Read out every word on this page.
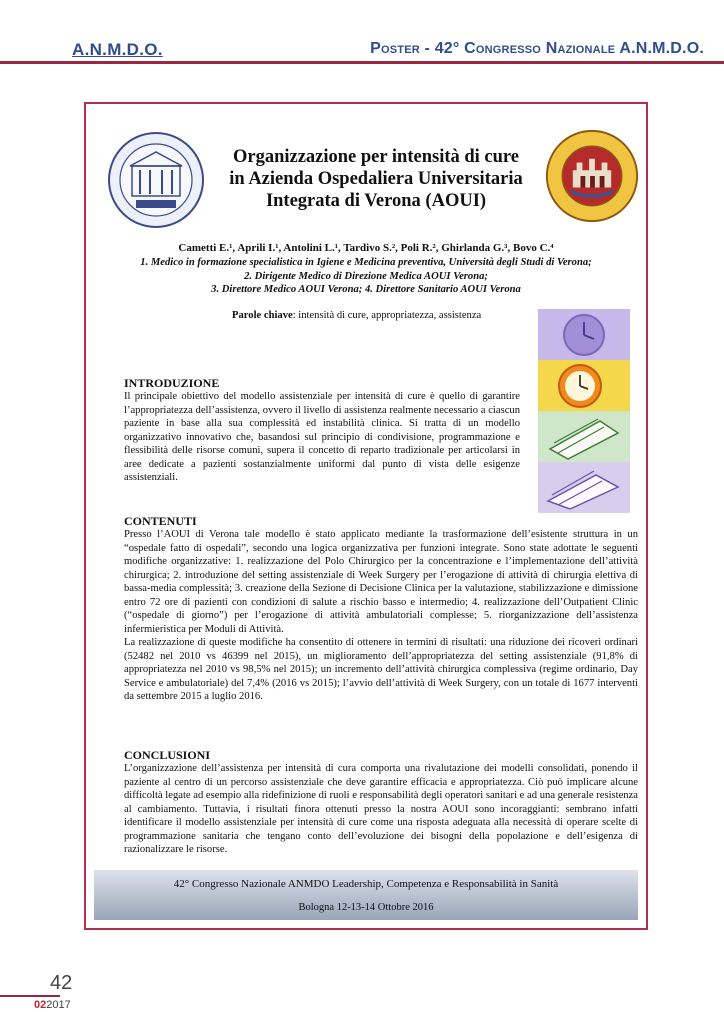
A.N.M.D.O.	Poster - 42° Congresso Nazionale A.N.M.D.O.
Organizzazione per intensità di cure
in Azienda Ospedaliera Universitaria
Integrata di Verona (AOUI)
Cametti E.¹, Aprili I.¹, Antolini L.¹, Tardivo S.², Poli R.², Ghirlanda G.³, Bovo C.⁴
1. Medico in formazione specialistica in Igiene e Medicina preventiva, Università degli Studi di Verona;
2. Dirigente Medico di Direzione Medica AOUI Verona;
3. Direttore Medico AOUI Verona; 4. Direttore Sanitario AOUI Verona
Parole chiave: intensità di cure, appropriatezza, assistenza
INTRODUZIONE

Il principale obiettivo del modello assistenziale per intensità di cure è quello di garantire l’appropriatezza dell’assistenza, ovvero il livello di assistenza realmente necessario a ciascun paziente in base alla sua complessità ed instabilità clinica. Si tratta di un modello organizzativo innovativo che, basandosi sul principio di condivisione, programmazione e flessibilità delle risorse comuni, supera il concetto di reparto tradizionale per articolarsi in aree dedicate a pazienti sostanzialmente uniformi dal punto di vista delle esigenze assistenziali.

CONTENUTI

Presso l’AOUI di Verona tale modello è stato applicato mediante la trasformazione dell’esistente struttura in un “ospedale fatto di ospedali”, secondo una logica organizzativa per funzioni integrate. Sono state adottate le seguenti modifiche organizzative: 1. realizzazione del Polo Chirurgico per la concentrazione e l’implementazione dell’attività chirurgica; 2. introduzione del setting assistenziale di Week Surgery per l’erogazione di attività di chirurgia elettiva di bassa-media complessità; 3. creazione della Sezione di Decisione Clinica per la valutazione, stabilizzazione e dimissione entro 72 ore di pazienti con condizioni di salute a rischio basso e intermedio; 4. realizzazione dell’Outpatient Clinic (“ospedale di giorno”) per l’erogazione di attività ambulatoriali complesse; 5. riorganizzazione dell’assistenza infermieristica per Moduli di Attività.

La realizzazione di queste modifiche ha consentito di ottenere in termini di risultati: una riduzione dei ricoveri ordinari (52482 nel 2010 vs 46399 nel 2015), un miglioramento dell’appropriatezza del setting assistenziale (91,8% di appropriatezza nel 2010 vs 98,5% nel 2015); un incremento dell’attività chirurgica complessiva (regime ordinario, Day Service e ambulatoriale) del 7,4% (2016 vs 2015); l’avvio dell’attività di Week Surgery, con un totale di 1677 interventi da settembre 2015 a luglio 2016.

CONCLUSIONI

L’organizzazione dell’assistenza per intensità di cura comporta una rivalutazione dei modelli consolidati, ponendo il paziente al centro di un percorso assistenziale che deve garantire efficacia e appropriatezza. Ciò può implicare alcune difficoltà legate ad esempio alla ridefinizione di ruoli e responsabilità degli operatori sanitari e ad una generale resistenza al cambiamento. Tuttavia, i risultati finora ottenuti presso la nostra AOUI sono incoraggianti: sembrano infatti identificare il modello assistenziale per intensità di cure come una risposta adeguata alla necessità di operare scelte di programmazione sanitaria che tengano conto dell’evoluzione dei bisogni della popolazione e dell’esigenza di razionalizzare le risorse.

42° Congresso Nazionale ANMDO Leadership, Competenza e Responsabilità in Sanità
Bologna 12-13-14 Ottobre 2016
42
022017
